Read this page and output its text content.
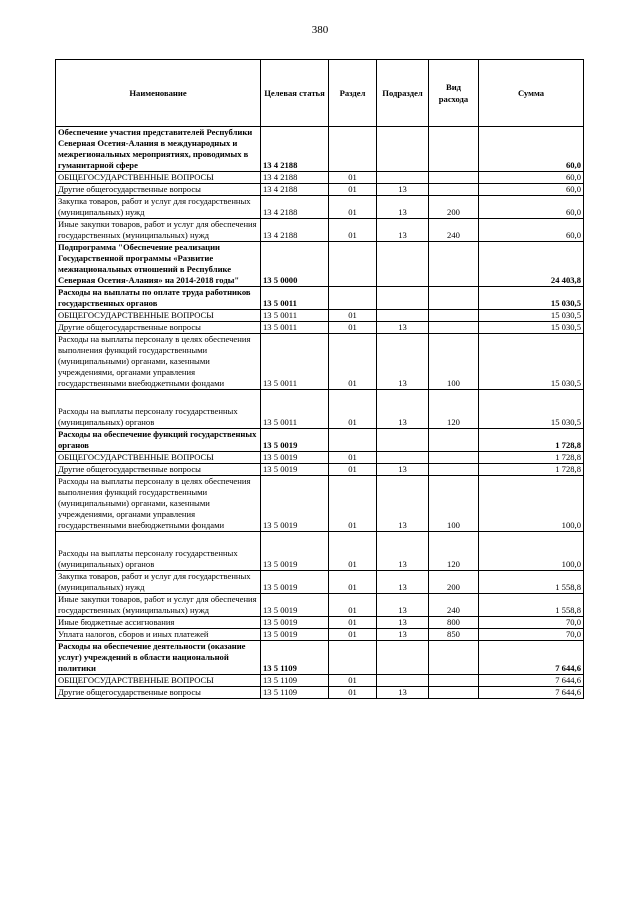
380
Наименование	Целевая статья	Раздел	Подраздел	Вид расхода	Сумма
Обеспечение участия представителей Республики Северная Осетия-Алания в международных и межрегиональных мероприятиях, проводимых в гуманитарной сфере	13 4 2188				60,0
ОБЩЕГОСУДАРСТВЕННЫЕ ВОПРОСЫ	13 4 2188	01			60,0
Другие общегосударственные вопросы	13 4 2188	01	13		60,0
Закупка товаров, работ и услуг для государственных (муниципальных) нужд	13 4 2188	01	13	200	60,0
Иные закупки товаров, работ и услуг для обеспечения государственных (муниципальных) нужд	13 4 2188	01	13	240	60,0
Подпрограмма "Обеспечение реализации Государственной программы «Развитие межнациональных отношений в Республике Северная Осетия-Алания» на 2014-2018 годы"	13 5 0000				24 403,8
Расходы на выплаты по оплате труда работников государственных органов	13 5 0011				15 030,5
ОБЩЕГОСУДАРСТВЕННЫЕ ВОПРОСЫ	13 5 0011	01			15 030,5
Другие общегосударственные вопросы	13 5 0011	01	13		15 030,5
Расходы на выплаты персоналу в целях обеспечения выполнения функций государственными (муниципальными) органами, казенными учреждениями, органами управления государственными внебюджетными фондами	13 5 0011	01	13	100	15 030,5
Расходы на выплаты персоналу государственных (муниципальных) органов	13 5 0011	01	13	120	15 030,5
Расходы на обеспечение функций государственных органов	13 5 0019				1 728,8
ОБЩЕГОСУДАРСТВЕННЫЕ ВОПРОСЫ	13 5 0019	01			1 728,8
Другие общегосударственные вопросы	13 5 0019	01	13		1 728,8
Расходы на выплаты персоналу в целях обеспечения выполнения функций государственными (муниципальными) органами, казенными учреждениями, органами управления государственными внебюджетными фондами	13 5 0019	01	13	100	100,0
Расходы на выплаты персоналу государственных (муниципальных) органов	13 5 0019	01	13	120	100,0
Закупка товаров, работ и услуг для государственных (муниципальных) нужд	13 5 0019	01	13	200	1 558,8
Иные закупки товаров, работ и услуг для обеспечения государственных (муниципальных) нужд	13 5 0019	01	13	240	1 558,8
Иные бюджетные ассигнования	13 5 0019	01	13	800	70,0
Уплата налогов, сборов и иных платежей	13 5 0019	01	13	850	70,0
Расходы на обеспечение деятельности (оказание услуг) учреждений в области национальной политики	13 5 1109				7 644,6
ОБЩЕГОСУДАРСТВЕННЫЕ ВОПРОСЫ	13 5 1109	01			7 644,6
Другие общегосударственные вопросы	13 5 1109	01	13		7 644,6
